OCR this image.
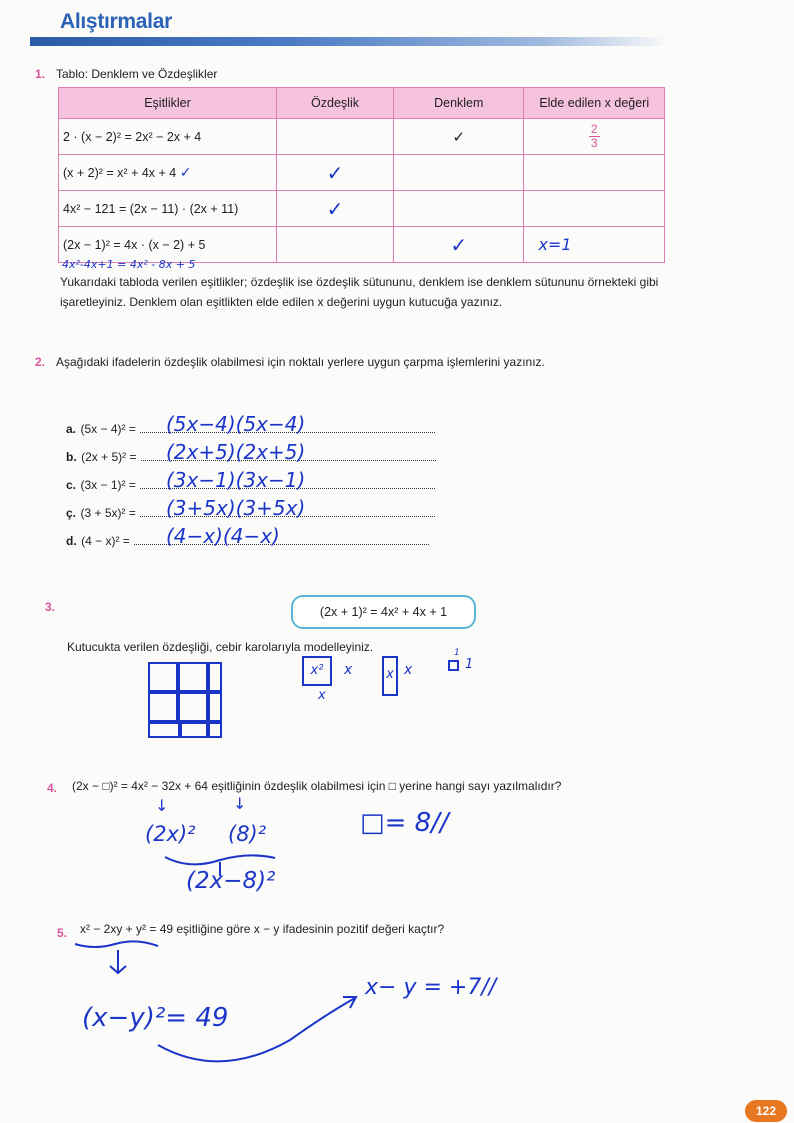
Alıştırmalar
1. Tablo: Denklem ve Özdeşlikler
Eşitlikler	Özdeşlik	Denklem	Elde edilen x değeri
2 · (x − 2)² = 2x² − 2x + 4		✓	$\frac{2}{3}$
(x + 2)² = x² + 4x + 4 ✓	✓		
4x² − 121 = (2x − 11) · (2x + 11)	✓		
(2x − 1)² = 4x · (x − 2) + 5		✓	x=1
4x²-4x+1 = 4x² - 8x + 5
Yukarıdaki tabloda verilen eşitlikler; özdeşlik ise özdeşlik sütununu, denklem ise denklem sütununu örnekteki gibi işaretleyiniz. Denklem olan eşitlikten elde edilen x değerini uygun kutucuğa yazınız.
2. Aşağıdaki ifadelerin özdeşlik olabilmesi için noktalı yerlere uygun çarpma işlemlerini yazınız.
a. (5x − 4)² = (5x−4)(5x−4)
b. (2x + 5)² = (2x+5)(2x+5)
c. (3x − 1)² = (3x−1)(3x−1)
ç. (3 + 5x)² = (3+5x)(3+5x)
d. (4 − x)² = (4−x)(4−x)
3.	(2x + 1)² = 4x² + 4x + 1
Kutucukta verilen özdeşliği, cebir karolarıyla modelleyiniz.
x²	x
x
x x
1
1
4. (2x − □)² = 4x² − 32x + 64 eşitliğinin özdeşlik olabilmesi için □ yerine hangi sayı yazılmalıdır?
↓	↓
(2x)² (8)²	□= 8//
(2x−8)²
5. x² − 2xy + y² = 49 eşitliğine göre x − y ifadesinin pozitif değeri kaçtır?
(x−y)²= 49
x− y = +7//
122
